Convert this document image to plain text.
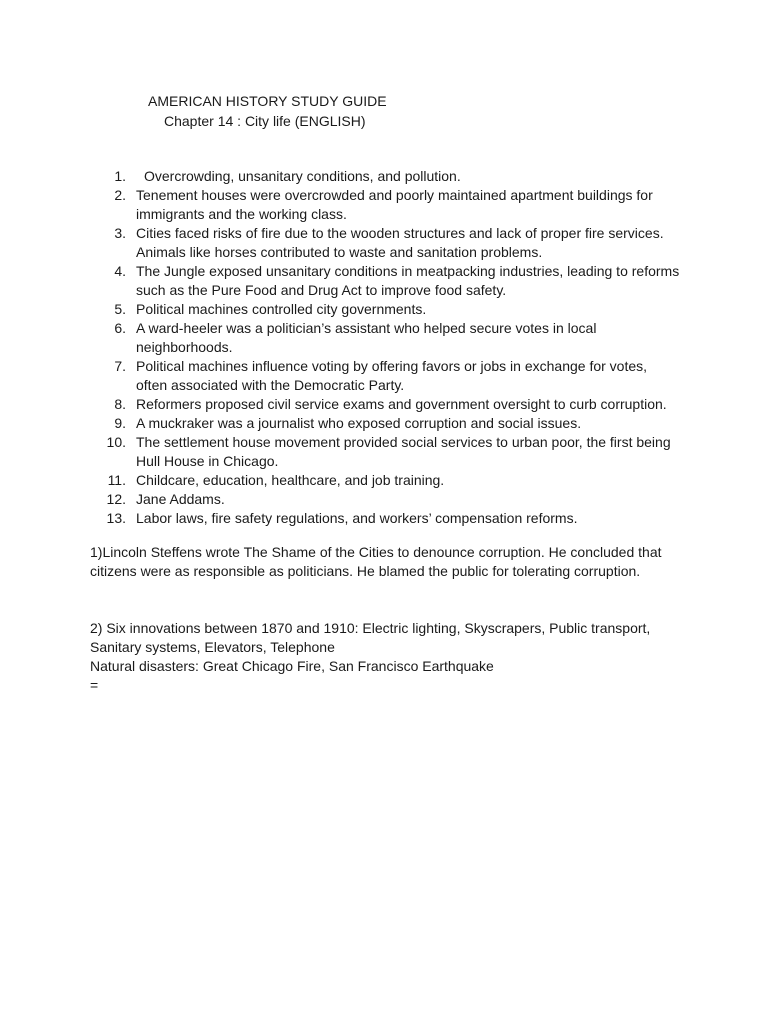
AMERICAN HISTORY STUDY GUIDE
Chapter 14 : City life (ENGLISH)
1. Overcrowding, unsanitary conditions, and pollution.
2. Tenement houses were overcrowded and poorly maintained apartment buildings for immigrants and the working class.
3. Cities faced risks of fire due to the wooden structures and lack of proper fire services. Animals like horses contributed to waste and sanitation problems.
4. The Jungle exposed unsanitary conditions in meatpacking industries, leading to reforms such as the Pure Food and Drug Act to improve food safety.
5. Political machines controlled city governments.
6. A ward-heeler was a politician’s assistant who helped secure votes in local neighborhoods.
7. Political machines influence voting by offering favors or jobs in exchange for votes, often associated with the Democratic Party.
8. Reformers proposed civil service exams and government oversight to curb corruption.
9. A muckraker was a journalist who exposed corruption and social issues.
10. The settlement house movement provided social services to urban poor, the first being Hull House in Chicago.
11. Childcare, education, healthcare, and job training.
12. Jane Addams.
13. Labor laws, fire safety regulations, and workers’ compensation reforms.

1)Lincoln Steffens wrote The Shame of the Cities to denounce corruption. He concluded that citizens were as responsible as politicians. He blamed the public for tolerating corruption.

2) Six innovations between 1870 and 1910: Electric lighting, Skyscrapers, Public transport, Sanitary systems, Elevators, Telephone

Natural disasters: Great Chicago Fire, San Francisco Earthquake

=
